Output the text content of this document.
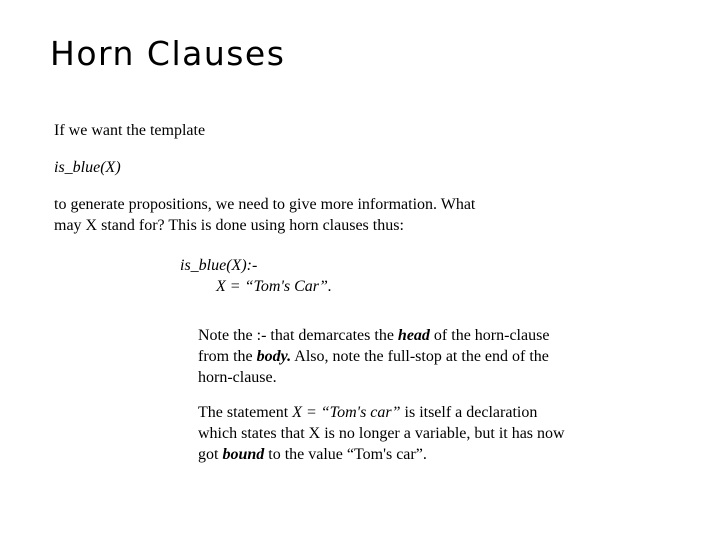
Horn Clauses

If we want the template

is_blue(X)

to generate propositions, we need to give more information. What
may X stand for? This is done using horn clauses thus:

is_blue(X):-

X = “Tom's Car”.

Note the :- that demarcates the head of the horn-clause
from the body. Also, note the full-stop at the end of the
horn-clause.
The statement X = “Tom's car” is itself a declaration
which states that X is no longer a variable, but it has now
got bound to the value “Tom's car”.
